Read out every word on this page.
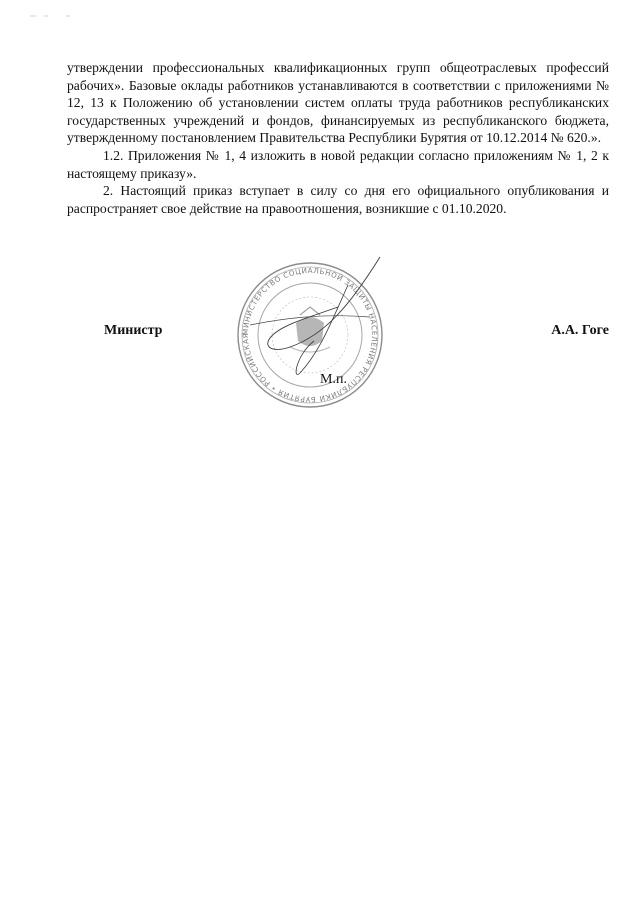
утверждении профессиональных квалификационных групп общеотраслевых профессий рабочих». Базовые оклады работников устанавливаются в соответствии с приложениями № 12, 13 к Положению об установлении систем оплаты труда работников республиканских государственных учреждений и фондов, финансируемых из республиканского бюджета, утвержденному постановлением Правительства Республики Бурятия от 10.12.2014 № 620.».

1.2. Приложения № 1, 4 изложить в новой редакции согласно приложениям № 1, 2 к настоящему приказу».

2. Настоящий приказ вступает в силу со дня его официального опубликования и распространяет свое действие на правоотношения, возникшие с 01.10.2020.

МИНИСТЕРСТВО СОЦИАЛЬНОЙ ЗАЩИТЫ НАСЕЛЕНИЯ РЕСПУБЛИКИ БУРЯТИЯ • РОССИЙСКАЯ
Министр	А.А. Гоге
М.п.
